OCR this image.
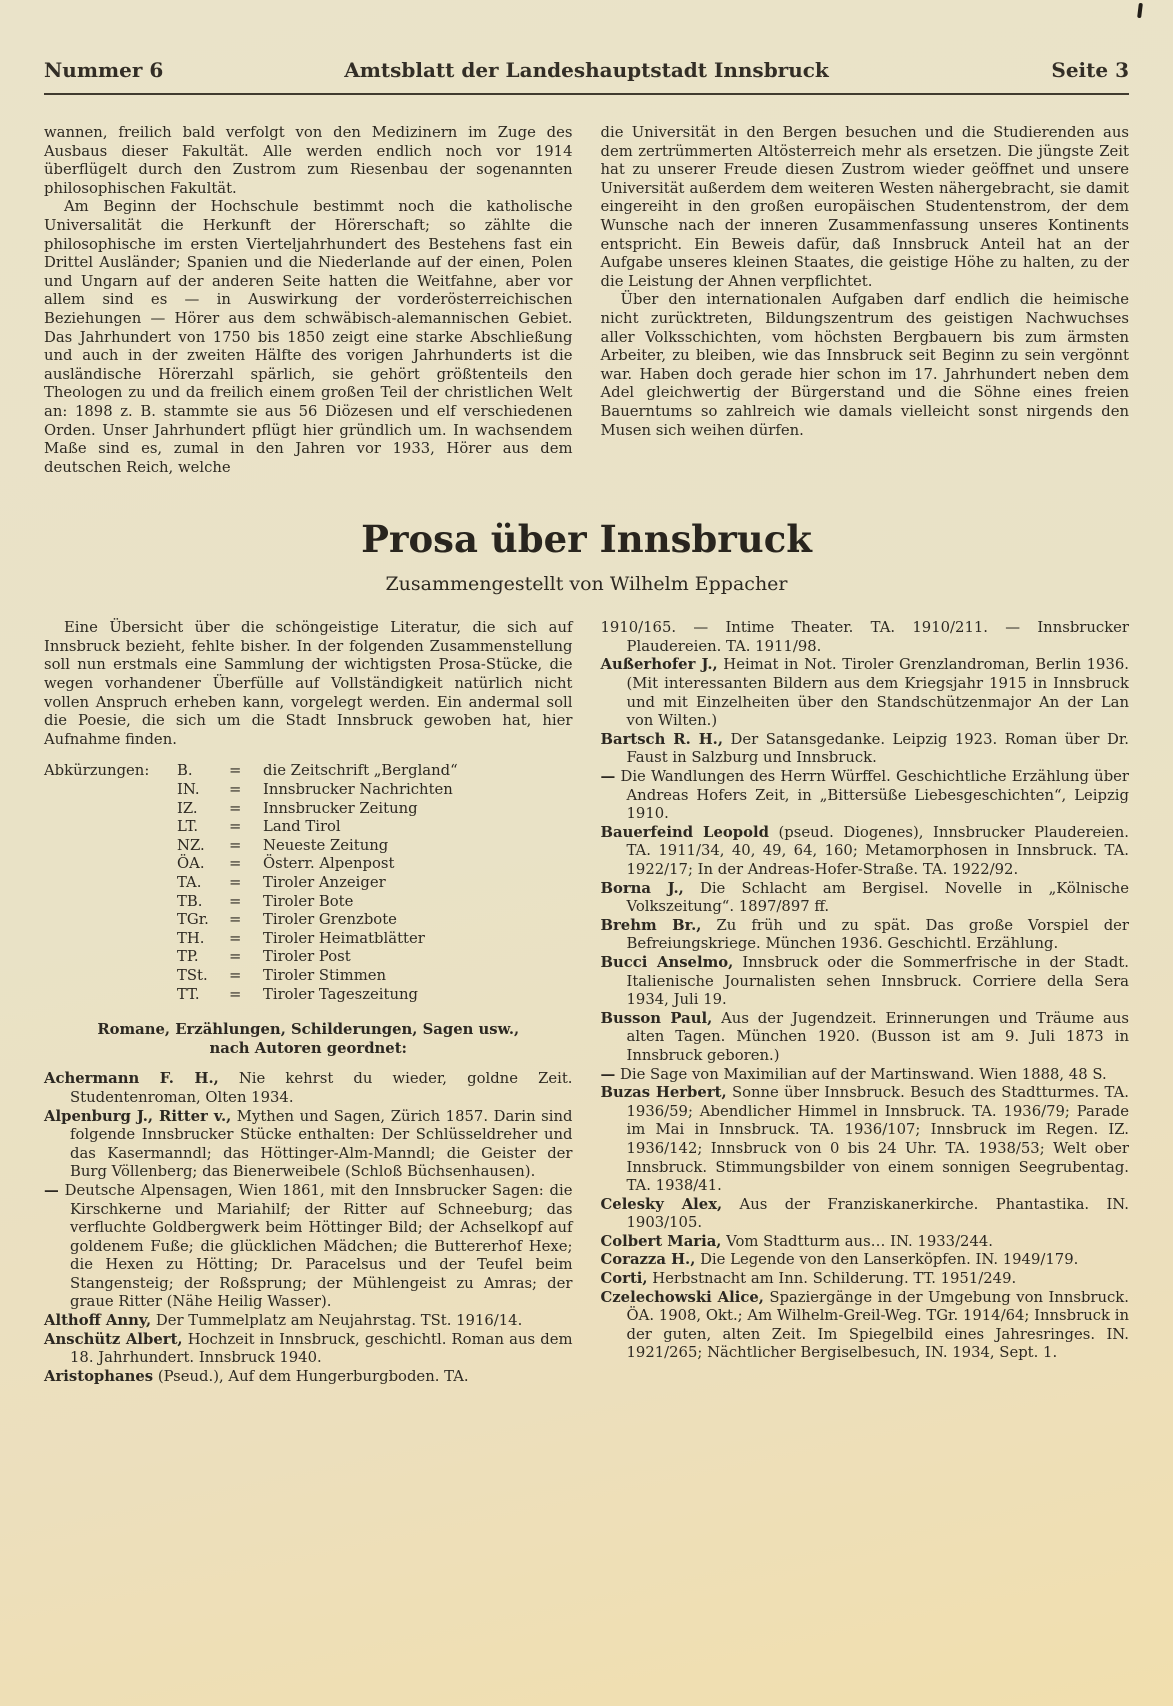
Nummer 6	Amtsblatt der Landeshauptstadt Innsbruck	Seite 3

wannen, freilich bald verfolgt von den Medizinern im Zuge des Ausbaus dieser Fakultät. Alle werden endlich noch vor 1914 überflügelt durch den Zustrom zum Riesenbau der sogenannten philosophischen Fakultät.

Am Beginn der Hochschule bestimmt noch die katholische Universalität die Herkunft der Hörerschaft; so zählte die philosophische im ersten Vierteljahrhundert des Bestehens fast ein Drittel Ausländer; Spanien und die Niederlande auf der einen, Polen und Ungarn auf der anderen Seite hatten die Weitfahne, aber vor allem sind es — in Auswirkung der vorderösterreichischen Beziehungen — Hörer aus dem schwäbisch-alemannischen Gebiet. Das Jahrhundert von 1750 bis 1850 zeigt eine starke Abschließung und auch in der zweiten Hälfte des vorigen Jahrhunderts ist die ausländische Hörerzahl spärlich, sie gehört größtenteils den Theologen zu und da freilich einem großen Teil der christlichen Welt an: 1898 z. B. stammte sie aus 56 Diözesen und elf verschiedenen Orden. Unser Jahrhundert pflügt hier gründlich um. In wachsendem Maße sind es, zumal in den Jahren vor 1933, Hörer aus dem deutschen Reich, welche

die Universität in den Bergen besuchen und die Studierenden aus dem zertrümmerten Altösterreich mehr als ersetzen. Die jüngste Zeit hat zu unserer Freude diesen Zustrom wieder geöffnet und unsere Universität außerdem dem weiteren Westen nähergebracht, sie damit eingereiht in den großen europäischen Studentenstrom, der dem Wunsche nach der inneren Zusammenfassung unseres Kontinents entspricht. Ein Beweis dafür, daß Innsbruck Anteil hat an der Aufgabe unseres kleinen Staates, die geistige Höhe zu halten, zu der die Leistung der Ahnen verpflichtet.

Über den internationalen Aufgaben darf endlich die heimische nicht zurücktreten, Bildungszentrum des geistigen Nachwuchses aller Volksschichten, vom höchsten Bergbauern bis zum ärmsten Arbeiter, zu bleiben, wie das Innsbruck seit Beginn zu sein vergönnt war. Haben doch gerade hier schon im 17. Jahrhundert neben dem Adel gleichwertig der Bürgerstand und die Söhne eines freien Bauerntums so zahlreich wie damals vielleicht sonst nirgends den Musen sich weihen dürfen.

Prosa über Innsbruck
Zusammengestellt von Wilhelm Eppacher

Eine Übersicht über die schöngeistige Literatur, die sich auf Innsbruck bezieht, fehlte bisher. In der folgenden Zusammenstellung soll nun erstmals eine Sammlung der wichtigsten Prosa-Stücke, die wegen vorhandener Überfülle auf Vollständigkeit natürlich nicht vollen Anspruch erheben kann, vorgelegt werden. Ein andermal soll die Poesie, die sich um die Stadt Innsbruck gewoben hat, hier Aufnahme finden.

Abkürzungen:	B.	=	die Zeitschrift „Bergland“
IN.	=	Innsbrucker Nachrichten
IZ.	=	Innsbrucker Zeitung
LT.	=	Land Tirol
NZ.	=	Neueste Zeitung
ÖA.	=	Österr. Alpenpost
TA.	=	Tiroler Anzeiger
TB.	=	Tiroler Bote
TGr.	=	Tiroler Grenzbote
TH.	=	Tiroler Heimatblätter
TP.	=	Tiroler Post
TSt.	=	Tiroler Stimmen
TT.	=	Tiroler Tageszeitung
Romane, Erzählungen, Schilderungen, Sagen usw.,
nach Autoren geordnet:

Achermann F. H., Nie kehrst du wieder, goldne Zeit. Studentenroman, Olten 1934.

Alpenburg J., Ritter v., Mythen und Sagen, Zürich 1857. Darin sind folgende Innsbrucker Stücke enthalten: Der Schlüsseldreher und das Kasermanndl; das Höttinger-Alm-Manndl; die Geister der Burg Völlenberg; das Bienerweibele (Schloß Büchsenhausen).

— Deutsche Alpensagen, Wien 1861, mit den Innsbrucker Sagen: die Kirschkerne und Mariahilf; der Ritter auf Schneeburg; das verfluchte Goldbergwerk beim Höttinger Bild; der Achselkopf auf goldenem Fuße; die glücklichen Mädchen; die Buttererhof Hexe; die Hexen zu Hötting; Dr. Paracelsus und der Teufel beim Stangensteig; der Roßsprung; der Mühlengeist zu Amras; der graue Ritter (Nähe Heilig Wasser).

Althoff Anny, Der Tummelplatz am Neujahrstag. TSt. 1916/14.

Anschütz Albert, Hochzeit in Innsbruck, geschichtl. Roman aus dem 18. Jahrhundert. Innsbruck 1940.

Aristophanes (Pseud.), Auf dem Hungerburgboden. TA.

1910/165. — Intime Theater. TA. 1910/211. — Innsbrucker Plaudereien. TA. 1911/98.

Außerhofer J., Heimat in Not. Tiroler Grenzlandroman, Berlin 1936. (Mit interessanten Bildern aus dem Kriegsjahr 1915 in Innsbruck und mit Einzelheiten über den Standschützenmajor An der Lan von Wilten.)

Bartsch R. H., Der Satansgedanke. Leipzig 1923. Roman über Dr. Faust in Salzburg und Innsbruck.

— Die Wandlungen des Herrn Würffel. Geschichtliche Erzählung über Andreas Hofers Zeit, in „Bittersüße Liebesgeschichten“, Leipzig 1910.

Bauerfeind Leopold (pseud. Diogenes), Innsbrucker Plaudereien. TA. 1911/34, 40, 49, 64, 160; Metamorphosen in Innsbruck. TA. 1922/17; In der Andreas-Hofer-Straße. TA. 1922/92.

Borna J., Die Schlacht am Bergisel. Novelle in „Kölnische Volkszeitung“. 1897/897 ff.

Brehm Br., Zu früh und zu spät. Das große Vorspiel der Befreiungskriege. München 1936. Geschichtl. Erzählung.

Bucci Anselmo, Innsbruck oder die Sommerfrische in der Stadt. Italienische Journalisten sehen Innsbruck. Corriere della Sera 1934, Juli 19.

Busson Paul, Aus der Jugendzeit. Erinnerungen und Träume aus alten Tagen. München 1920. (Busson ist am 9. Juli 1873 in Innsbruck geboren.)

— Die Sage von Maximilian auf der Martinswand. Wien 1888, 48 S.

Buzas Herbert, Sonne über Innsbruck. Besuch des Stadtturmes. TA. 1936/59; Abendlicher Himmel in Innsbruck. TA. 1936/79; Parade im Mai in Innsbruck. TA. 1936/107; Innsbruck im Regen. IZ. 1936/142; Innsbruck von 0 bis 24 Uhr. TA. 1938/53; Welt ober Innsbruck. Stimmungsbilder von einem sonnigen Seegrubentag. TA. 1938/41.

Celesky Alex, Aus der Franziskanerkirche. Phantastika. IN. 1903/105.

Colbert Maria, Vom Stadtturm aus… IN. 1933/244.

Corazza H., Die Legende von den Lanserköpfen. IN. 1949/179.

Corti, Herbstnacht am Inn. Schilderung. TT. 1951/249.

Czelechowski Alice, Spaziergänge in der Umgebung von Innsbruck. ÖA. 1908, Okt.; Am Wilhelm-Greil-Weg. TGr. 1914/64; Innsbruck in der guten, alten Zeit. Im Spiegelbild eines Jahresringes. IN. 1921/265; Nächtlicher Bergiselbesuch, IN. 1934, Sept. 1.
